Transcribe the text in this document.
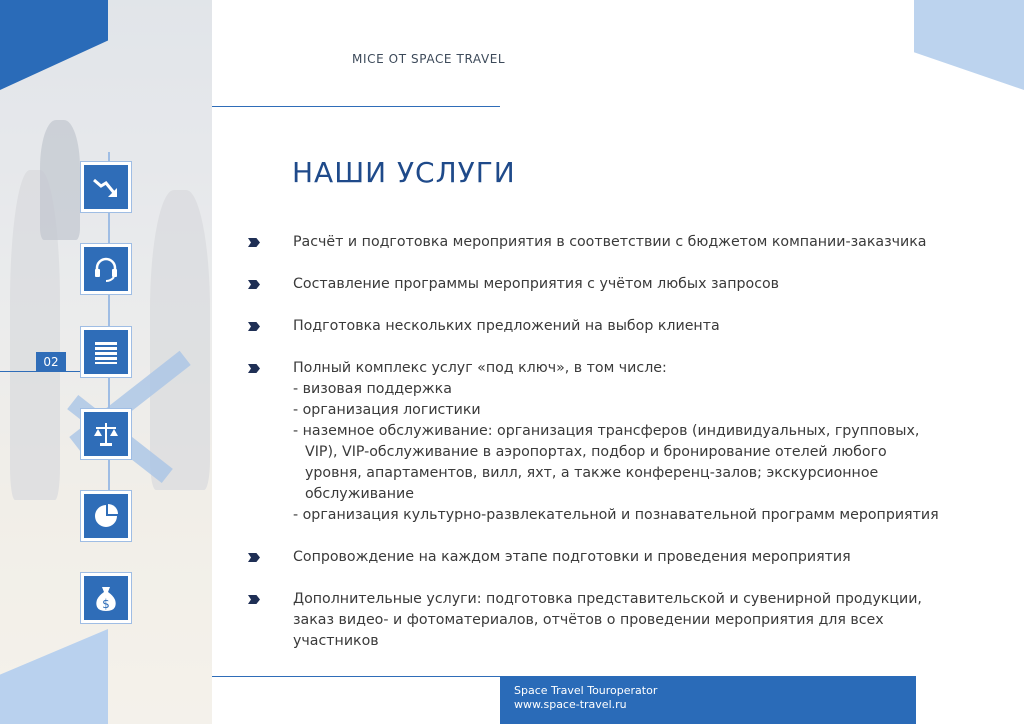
$
02
MICE OT SPACE TRAVEL
НАШИ УСЛУГИ
Расчёт и подготовка мероприятия в соответствии с бюджетом компании-заказчика
Составление программы мероприятия с учётом любых запросов
Подготовка нескольких предложений на выбор клиента
Полный комплекс услуг «под ключ», в том числе:
- визовая поддержка
- организация логистики
- наземное обслуживание: организация трансферов (индивидуальных, групповых,
VIP), VIP-обслуживание в аэропортах, подбор и бронирование отелей любого
уровня, апартаментов, вилл, яхт, а также конференц-залов; экскурсионное
обслуживание
- организация культурно-развлекательной и познавательной программ мероприятия
Сопровождение на каждом этапе подготовки и проведения мероприятия
Дополнительные услуги: подготовка представительской и сувенирной продукции,
заказ видео- и фотоматериалов, отчётов о проведении мероприятия для всех
участников
Space Travel Touroperator
www.space-travel.ru
